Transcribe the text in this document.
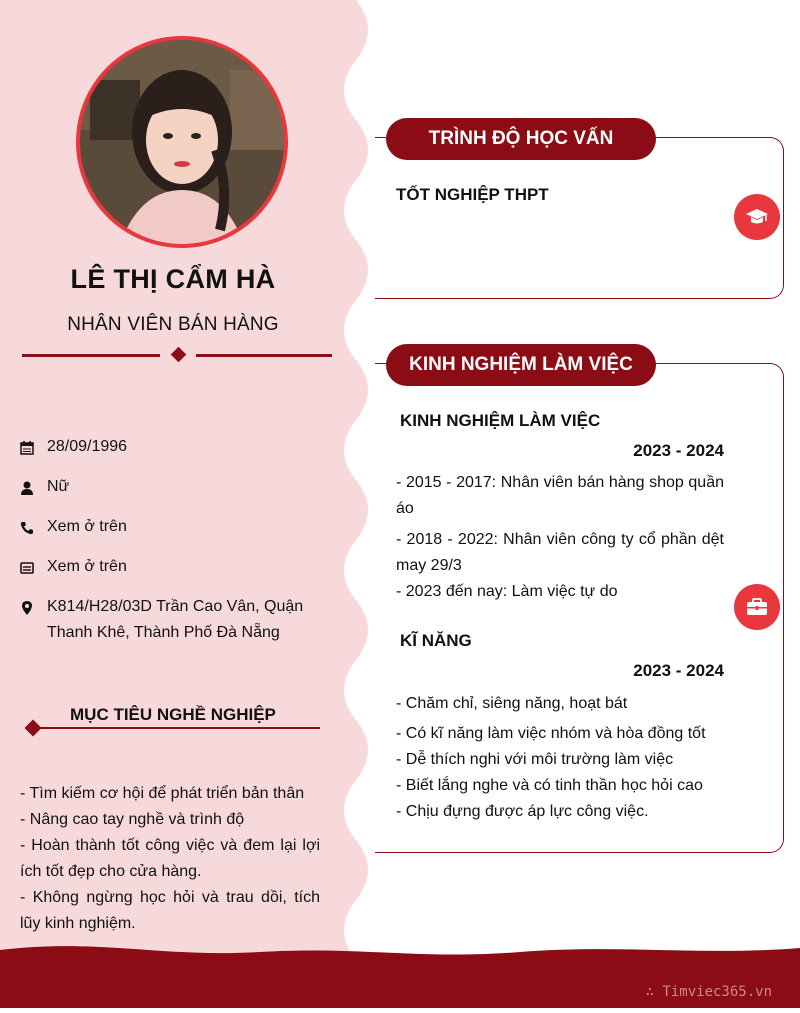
LÊ THỊ CẨM HÀ
NHÂN VIÊN BÁN HÀNG
28/09/1996
Nữ
Xem ở trên
Xem ở trên
K814/H28/03D Trần Cao Vân, Quận Thanh Khê, Thành Phố Đà Nẵng
MỤC TIÊU NGHỀ NGHIỆP
- Tìm kiếm cơ hội để phát triển bản thân
- Nâng cao tay nghề và trình độ
- Hoàn thành tốt công việc và đem lại lợi ích tốt đẹp cho cửa hàng.
- Không ngừng học hỏi và trau dồi, tích lũy kinh nghiệm.
TRÌNH ĐỘ HỌC VẤN
TỐT NGHIỆP THPT
KINH NGHIỆM LÀM VIỆC
KINH NGHIỆM LÀM VIỆC
2023 - 2024
- 2015 - 2017: Nhân viên bán hàng shop quần áo
- 2018 - 2022: Nhân viên công ty cổ phần dệt may 29/3
- 2023 đến nay: Làm việc tự do
KĨ NĂNG
2023 - 2024
- Chăm chỉ, siêng năng, hoạt bát
- Có kĩ năng làm việc nhóm và hòa đồng tốt
- Dễ thích nghi với môi trường làm việc
- Biết lắng nghe và có tinh thần học hỏi cao
- Chịu đựng được áp lực công việc.
∴ Timviec365.vn
